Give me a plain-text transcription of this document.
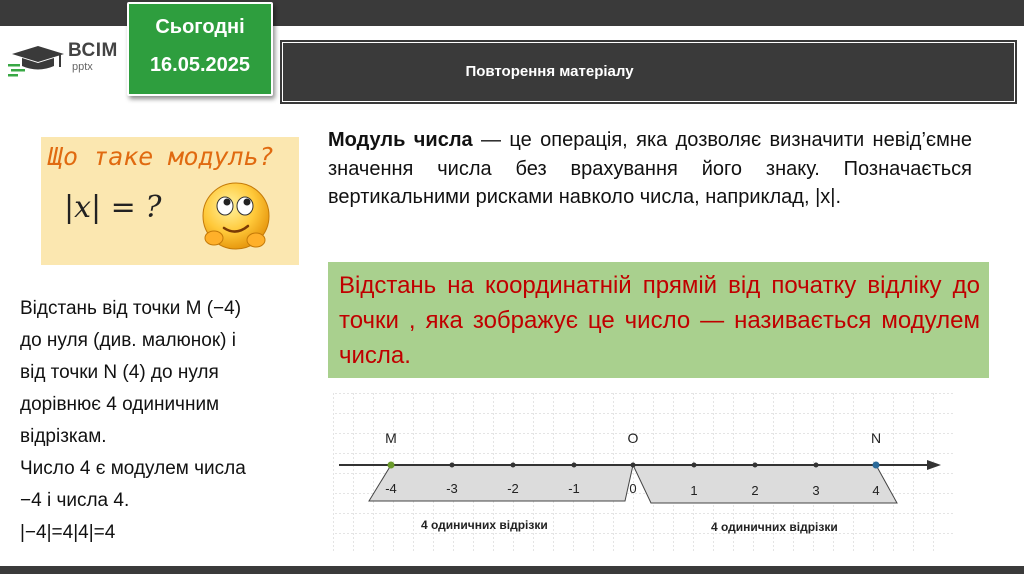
ВСІМ
pptx
Сьогодні
16.05.2025	Повторення матеріалу
Що таке модуль?
|x| = ?
Модуль числа — це операція, яка дозволяє визначити невід’ємне значення числа без врахування його знаку. Позначається вертикальними рисками навколо числа, наприклад, |x|.
Відстань на координатній прямій від початку відліку до точки , яка зображує це число — називається модулем числа.
Відстань від точки M (−4)
до нуля (див. малюнок) і
від точки N (4) до нуля
дорівнює 4 одиничним
відрізкам.
Число 4 є модулем числа
−4 і числа 4.
|−4|=4|4|=4
M	O	N
-4	-3	-2	-1	0	1	2	3	4
4 одиничних відрізки	4 одиничних відрізки
